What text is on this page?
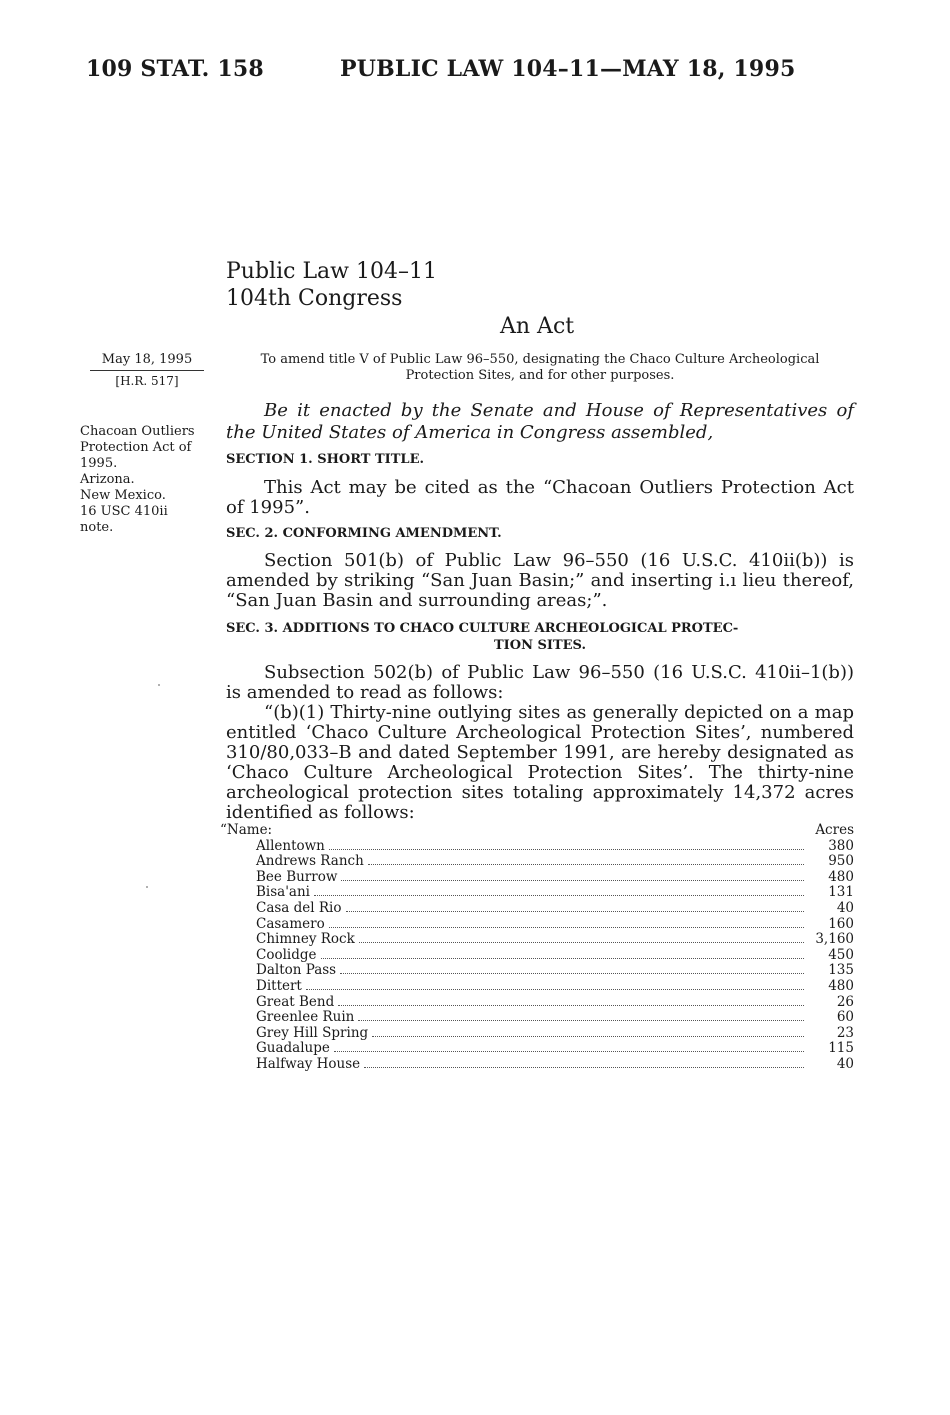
109 STAT. 158	PUBLIC LAW 104–11—MAY 18, 1995
Public Law 104–11
104th Congress
An Act
May 18, 1995
[H.R. 517]
Chacoan Outliers
Protection Act of
1995.
Arizona.
New Mexico.
16 USC 410ii
note.
To amend title V of Public Law 96–550, designating the Chaco Culture Archeological Protection Sites, and for other purposes.
Be it enacted by the Senate and House of Representatives of the United States of America in Congress assembled,
SECTION 1. SHORT TITLE.
This Act may be cited as the “Chacoan Outliers Protection Act of 1995”.
SEC. 2. CONFORMING AMENDMENT.
Section 501(b) of Public Law 96–550 (16 U.S.C. 410ii(b)) is amended by striking “San Juan Basin;” and inserting i.ı lieu thereof, “San Juan Basin and surrounding areas;”.
SEC. 3. ADDITIONS TO CHACO CULTURE ARCHEOLOGICAL PROTEC-
TION SITES.
Subsection 502(b) of Public Law 96–550 (16 U.S.C. 410ii–1(b)) is amended to read as follows:
“(b)(1) Thirty-nine outlying sites as generally depicted on a map entitled ‘Chaco Culture Archeological Protection Sites’, numbered 310/80,033–B and dated September 1991, are hereby designated as ‘Chaco Culture Archeological Protection Sites’. The thirty-nine archeological protection sites totaling approximately 14,372 acres identified as follows:
“Name:	Acres
Allentown	380
Andrews Ranch	950
Bee Burrow	480
Bisa'ani	131
Casa del Rio	40
Casamero	160
Chimney Rock	3,160
Coolidge	450
Dalton Pass	135
Dittert	480
Great Bend	26
Greenlee Ruin	60
Grey Hill Spring	23
Guadalupe	115
Halfway House	40
